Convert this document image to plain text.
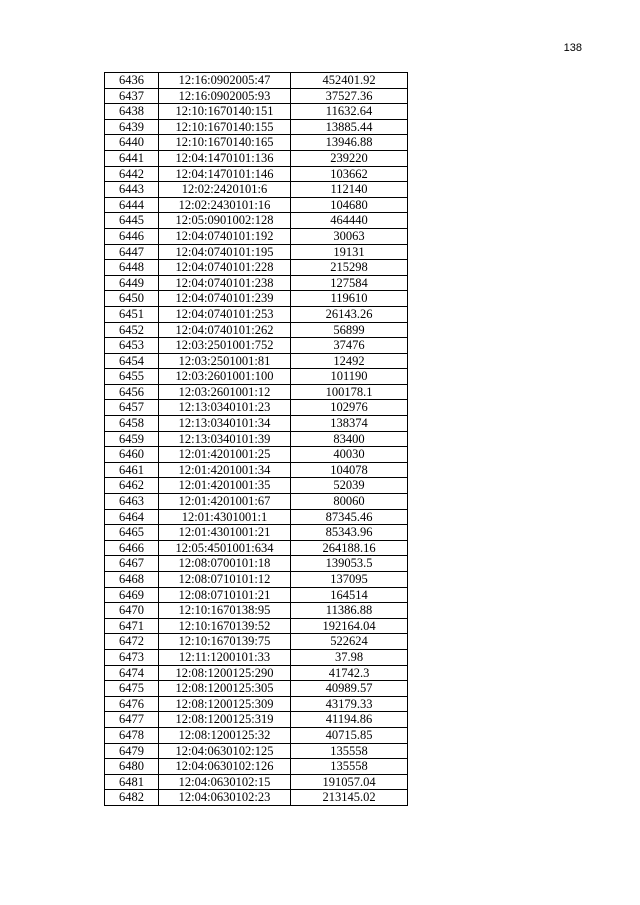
138
6436	12:16:0902005:47	452401.92
6437	12:16:0902005:93	37527.36
6438	12:10:1670140:151	11632.64
6439	12:10:1670140:155	13885.44
6440	12:10:1670140:165	13946.88
6441	12:04:1470101:136	239220
6442	12:04:1470101:146	103662
6443	12:02:2420101:6	112140
6444	12:02:2430101:16	104680
6445	12:05:0901002:128	464440
6446	12:04:0740101:192	30063
6447	12:04:0740101:195	19131
6448	12:04:0740101:228	215298
6449	12:04:0740101:238	127584
6450	12:04:0740101:239	119610
6451	12:04:0740101:253	26143.26
6452	12:04:0740101:262	56899
6453	12:03:2501001:752	37476
6454	12:03:2501001:81	12492
6455	12:03:2601001:100	101190
6456	12:03:2601001:12	100178.1
6457	12:13:0340101:23	102976
6458	12:13:0340101:34	138374
6459	12:13:0340101:39	83400
6460	12:01:4201001:25	40030
6461	12:01:4201001:34	104078
6462	12:01:4201001:35	52039
6463	12:01:4201001:67	80060
6464	12:01:4301001:1	87345.46
6465	12:01:4301001:21	85343.96
6466	12:05:4501001:634	264188.16
6467	12:08:0700101:18	139053.5
6468	12:08:0710101:12	137095
6469	12:08:0710101:21	164514
6470	12:10:1670138:95	11386.88
6471	12:10:1670139:52	192164.04
6472	12:10:1670139:75	522624
6473	12:11:1200101:33	37.98
6474	12:08:1200125:290	41742.3
6475	12:08:1200125:305	40989.57
6476	12:08:1200125:309	43179.33
6477	12:08:1200125:319	41194.86
6478	12:08:1200125:32	40715.85
6479	12:04:0630102:125	135558
6480	12:04:0630102:126	135558
6481	12:04:0630102:15	191057.04
6482	12:04:0630102:23	213145.02
